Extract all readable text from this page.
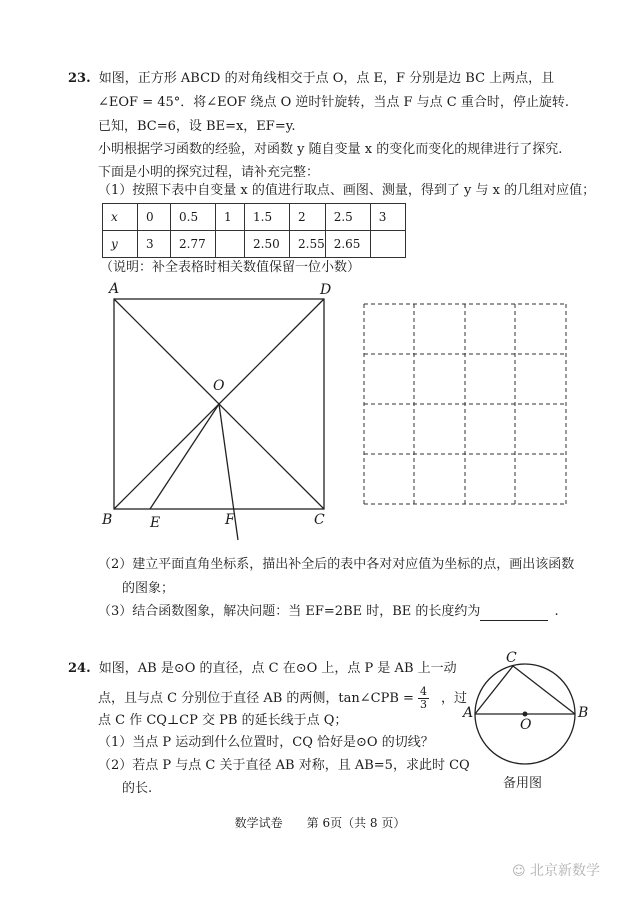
23. 如图，正方形 ABCD 的对角线相交于点 O，点 E，F 分别是边 BC 上两点，且
∠EOF = 45°．将∠EOF 绕点 O 逆时针旋转，当点 F 与点 C 重合时，停止旋转.
已知，BC=6，设 BE=x，EF=y.
小明根据学习函数的经验，对函数 y 随自变量 x 的变化而变化的规律进行了探究.
下面是小明的探究过程，请补充完整：
（1）按照下表中自变量 x 的值进行取点、画图、测量，得到了 y 与 x 的几组对应值；
x	0	0.5	1	1.5	2	2.5	3
y	3	2.77		2.50	2.55	2.65	
（说明：补全表格时相关数值保留一位小数）
A	D
O
B	E	F	C
（2）建立平面直角坐标系，描出补全后的表中各对对应值为坐标的点，画出该函数
的图象；
（3）结合函数图象，解决问题：当 EF=2BE 时，BE 的长度约为	.
24. 如图，AB 是⊙O 的直径，点 C 在⊙O 上，点 P 是 AB 上一动
点，且与点 C 分别位于直径 AB 的两侧，tan∠CPB = $\frac{4}{3}$ ，过
点 C 作 CQ⊥CP 交 PB 的延长线于点 Q；
（1）当点 P 运动到什么位置时，CQ 恰好是⊙O 的切线？
（2）若点 P 与点 C 关于直径 AB 对称，且 AB=5，求此时 CQ
的长.
C
A
O
B
备用图
数学试卷　　第 6页（共 8 页）
☺ 北京新数学
